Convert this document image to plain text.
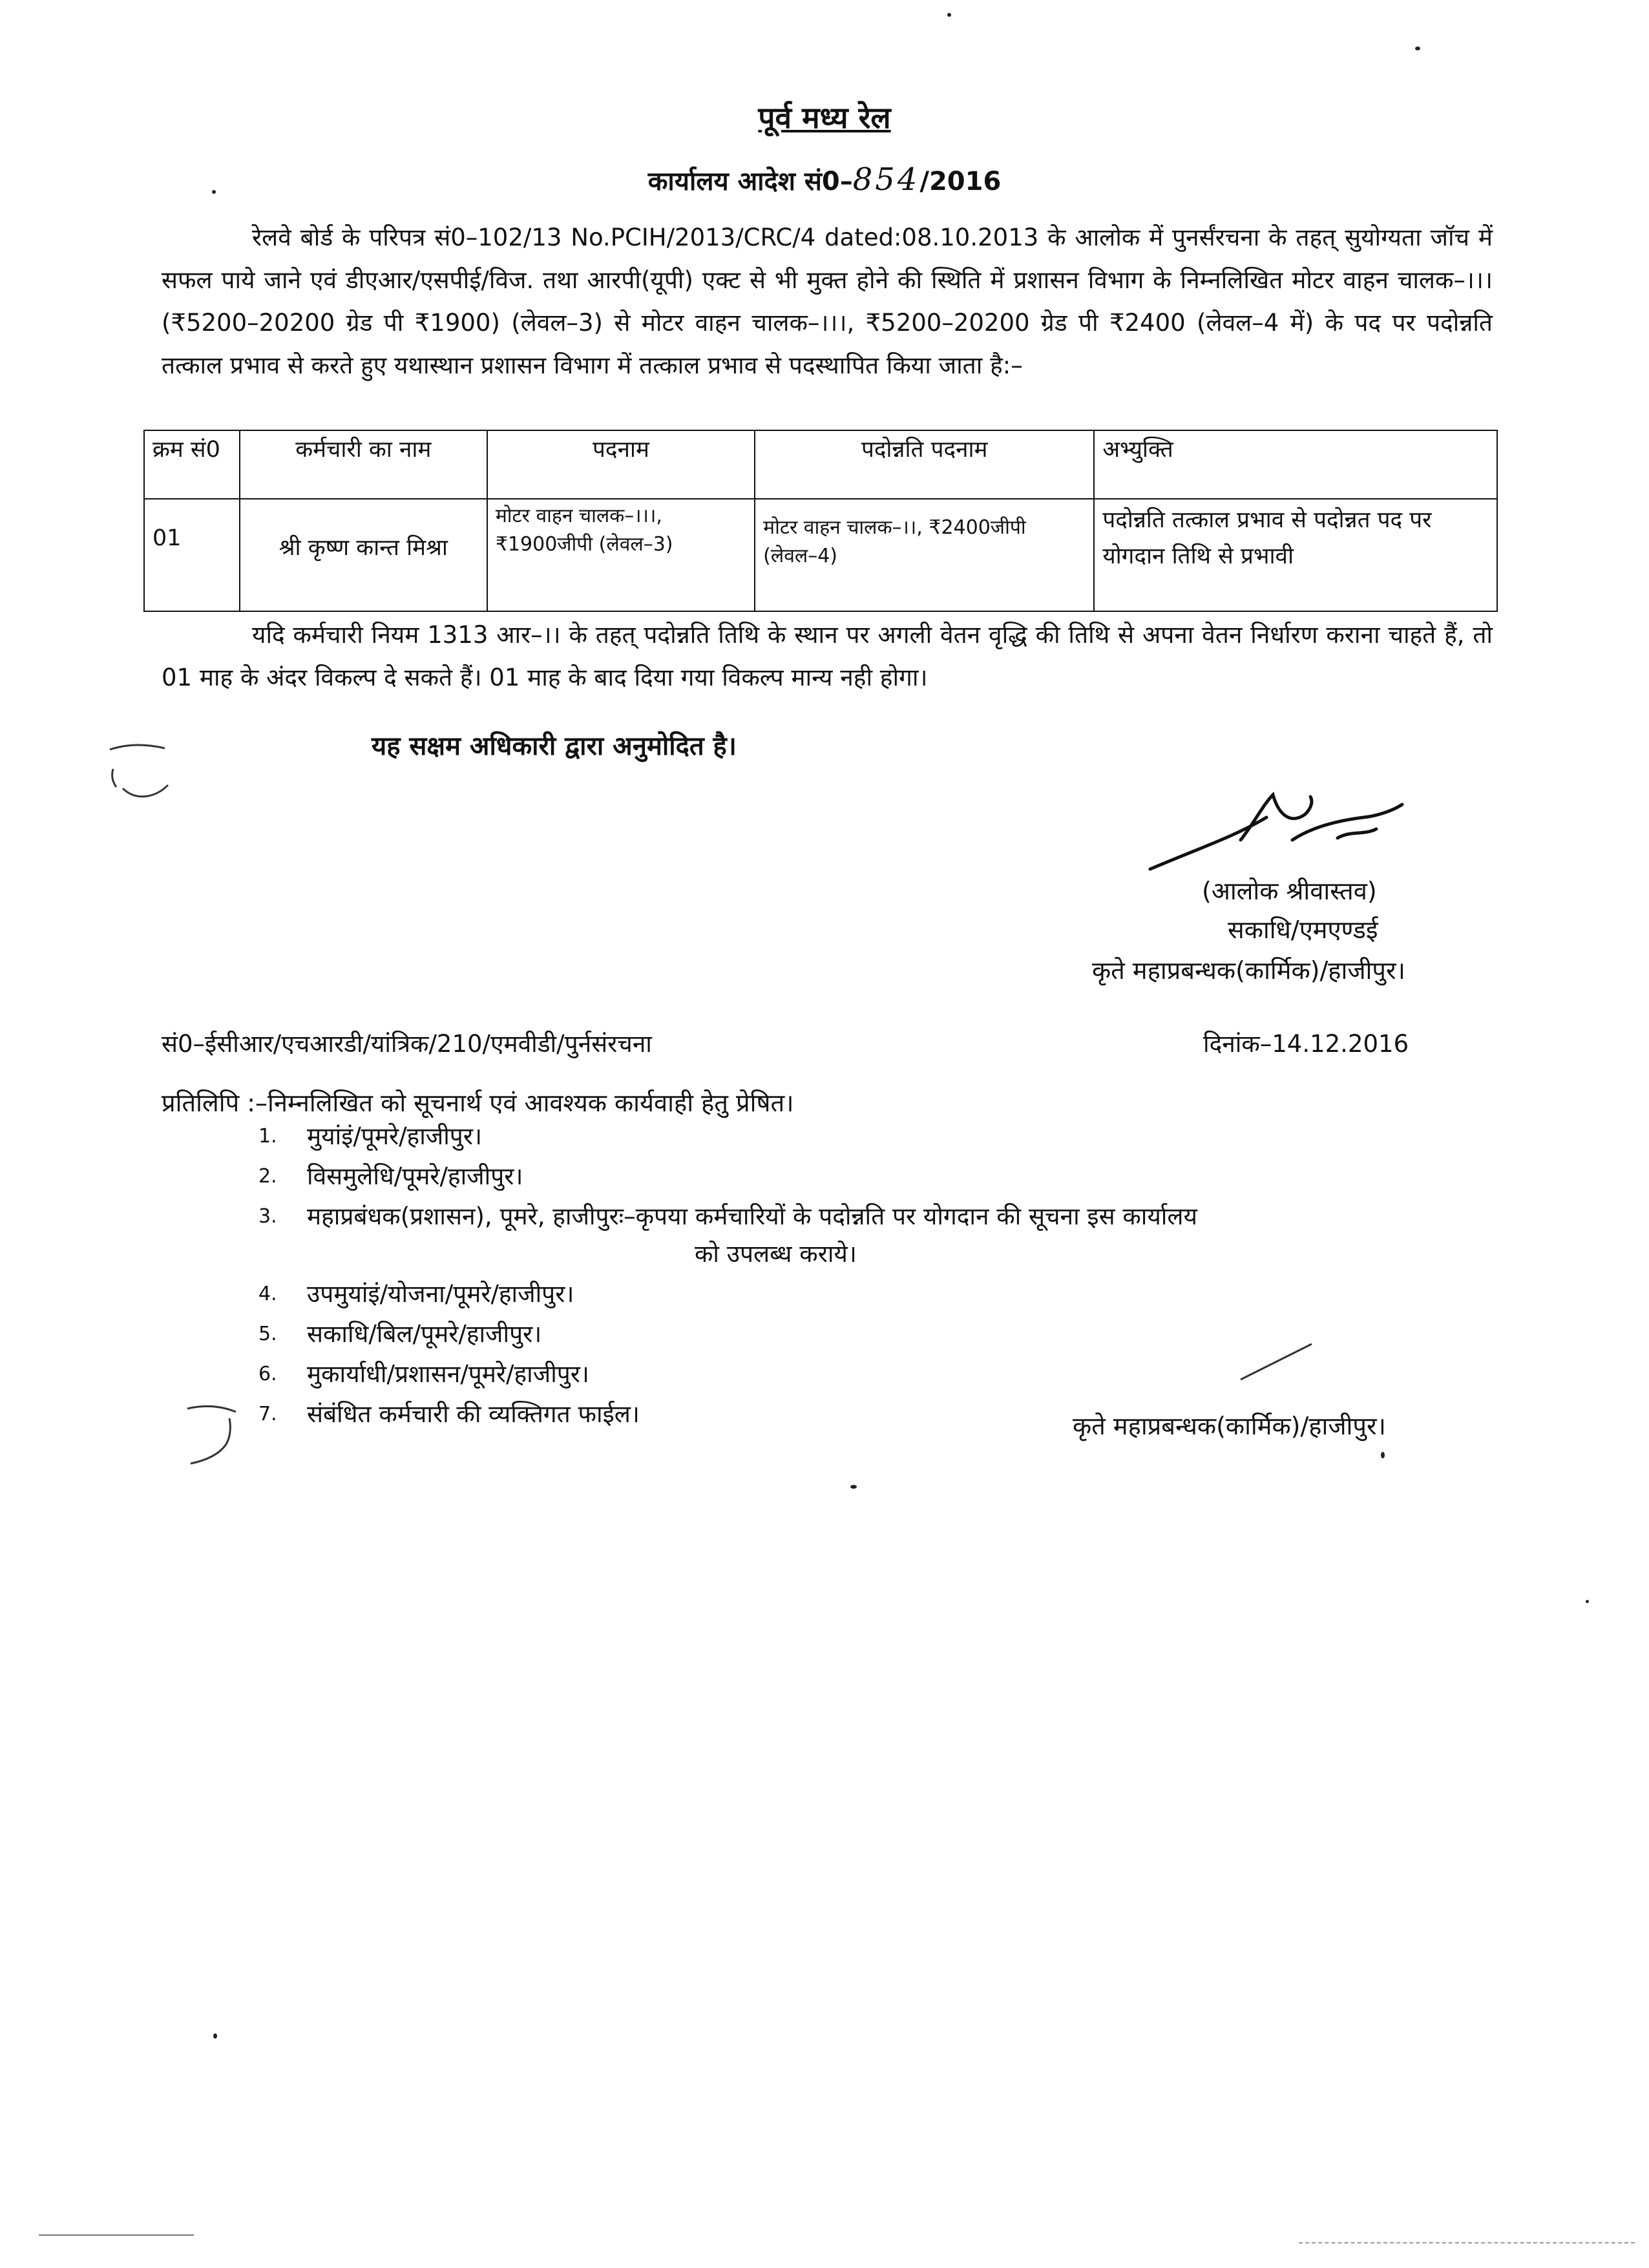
पूर्व मध्य रेल
कार्यालय आदेश सं0–854/2016
रेलवे बोर्ड के परिपत्र सं0–102/13 No.PCIH/2013/CRC/4 dated:08.10.2013 के आलोक में पुनर्संरचना के तहत् सुयोग्यता जॉच में सफल पाये जाने एवं डीएआर/एसपीई/विज. तथा आरपी(यूपी) एक्ट से भी मुक्त होने की स्थिति में प्रशासन विभाग के निम्नलिखित मोटर वाहन चालक–।।। (₹5200–20200 ग्रेड पी ₹1900) (लेवल–3) से मोटर वाहन चालक–।।।, ₹5200–20200 ग्रेड पी ₹2400 (लेवल–4 में) के पद पर पदोन्नति तत्काल प्रभाव से करते हुए यथास्थान प्रशासन विभाग में तत्काल प्रभाव से पदस्थापित किया जाता है:–
क्रम सं0	कर्मचारी का नाम	पदनाम	पदोन्नति पदनाम	अभ्युक्ति
01	श्री कृष्ण कान्त मिश्रा	मोटर वाहन चालक–।।।, ₹1900जीपी (लेवल–3)	मोटर वाहन चालक–।।, ₹2400जीपी (लेवल–4)	पदोन्नति तत्काल प्रभाव से पदोन्नत पद पर योगदान तिथि से प्रभावी
यदि कर्मचारी नियम 1313 आर–।। के तहत् पदोन्नति तिथि के स्थान पर अगली वेतन वृद्धि की तिथि से अपना वेतन निर्धारण कराना चाहते हैं, तो 01 माह के अंदर विकल्प दे सकते हैं। 01 माह के बाद दिया गया विकल्प मान्य नही होगा।
यह सक्षम अधिकारी द्वारा अनुमोदित है।
(आलोक श्रीवास्तव)
सकाधि/एमएण्डई
कृते महाप्रबन्धक(कार्मिक)/हाजीपुर।
सं0–ईसीआर/एचआरडी/यांत्रिक/210/एमवीडी/पुर्नसंरचना	दिनांक–14.12.2016
प्रतिलिपि :–निम्नलिखित को सूचनार्थ एवं आवश्यक कार्यवाही हेतु प्रेषित।
1. मुयांइं/पूमरे/हाजीपुर।
2. विसमुलेधि/पूमरे/हाजीपुर।
3. महाप्रबंधक(प्रशासन), पूमरे, हाजीपुरः–कृपया कर्मचारियों के पदोन्नति पर योगदान की सूचना इस कार्यालय
को उपलब्ध कराये।
4. उपमुयांइं/योजना/पूमरे/हाजीपुर।
5. सकाधि/बिल/पूमरे/हाजीपुर।
6. मुकार्याधी/प्रशासन/पूमरे/हाजीपुर।
7. संबंधित कर्मचारी की व्यक्तिगत फाईल।	कृते महाप्रबन्धक(कार्मिक)/हाजीपुर।
